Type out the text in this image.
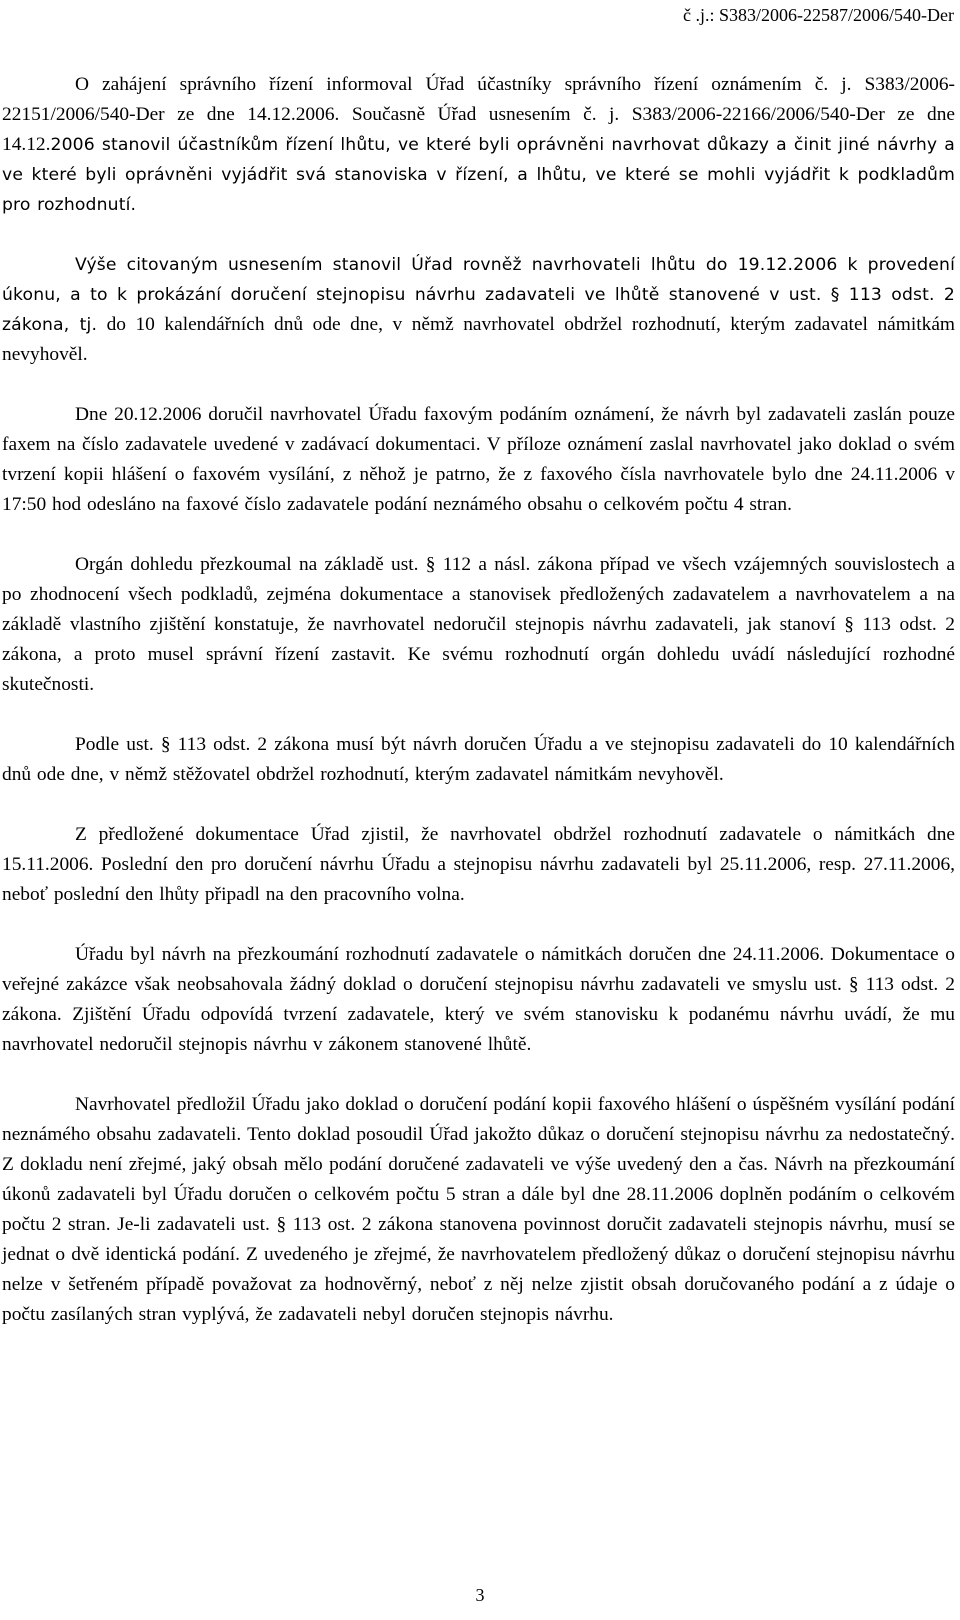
č .j.: S383/2006-22587/2006/540-Der

O zahájení správního řízení informoval Úřad účastníky správního řízení oznámením č. j. S383/2006-22151/2006/540-Der ze dne 14.12.2006. Současně Úřad usnesením č. j. S383/2006-22166/2006/540-Der ze dne 14.12.2006 stanovil účastníkům řízení lhůtu, ve které byli oprávněni navrhovat důkazy a činit jiné návrhy a ve které byli oprávněni vyjádřit svá stanoviska v řízení, a lhůtu, ve které se mohli vyjádřit k podkladům pro rozhodnutí.

Výše citovaným usnesením stanovil Úřad rovněž navrhovateli lhůtu do 19.12.2006 k provedení úkonu, a to k prokázání doručení stejnopisu návrhu zadavateli ve lhůtě stanovené v ust. § 113 odst. 2 zákona, tj. do 10 kalendářních dnů ode dne, v němž navrhovatel obdržel rozhodnutí, kterým zadavatel námitkám nevyhověl.

Dne 20.12.2006 doručil navrhovatel Úřadu faxovým podáním oznámení, že návrh byl zadavateli zaslán pouze faxem na číslo zadavatele uvedené v zadávací dokumentaci. V příloze oznámení zaslal navrhovatel jako doklad o svém tvrzení kopii hlášení o faxovém vysílání, z něhož je patrno, že z faxového čísla navrhovatele bylo dne 24.11.2006 v 17:50 hod odesláno na faxové číslo zadavatele podání neznámého obsahu o celkovém počtu 4 stran.

Orgán dohledu přezkoumal na základě ust. § 112 a násl. zákona případ ve všech vzájemných souvislostech a po zhodnocení všech podkladů, zejména dokumentace a stanovisek předložených zadavatelem a navrhovatelem a na základě vlastního zjištění konstatuje, že navrhovatel nedoručil stejnopis návrhu zadavateli, jak stanoví § 113 odst. 2 zákona, a proto musel správní řízení zastavit. Ke svému rozhodnutí orgán dohledu uvádí následující rozhodné skutečnosti.

Podle ust. § 113 odst. 2 zákona musí být návrh doručen Úřadu a ve stejnopisu zadavateli do 10 kalendářních dnů ode dne, v němž stěžovatel obdržel rozhodnutí, kterým zadavatel námitkám nevyhověl.

Z předložené dokumentace Úřad zjistil, že navrhovatel obdržel rozhodnutí zadavatele o námitkách dne 15.11.2006. Poslední den pro doručení návrhu Úřadu a stejnopisu návrhu zadavateli byl 25.11.2006, resp. 27.11.2006, neboť poslední den lhůty připadl na den pracovního volna.

Úřadu byl návrh na přezkoumání rozhodnutí zadavatele o námitkách doručen dne 24.11.2006. Dokumentace o veřejné zakázce však neobsahovala žádný doklad o doručení stejnopisu návrhu zadavateli ve smyslu ust. § 113 odst. 2 zákona. Zjištění Úřadu odpovídá tvrzení zadavatele, který ve svém stanovisku k podanému návrhu uvádí, že mu navrhovatel nedoručil stejnopis návrhu v zákonem stanovené lhůtě.

Navrhovatel předložil Úřadu jako doklad o doručení podání kopii faxového hlášení o úspěšném vysílání podání neznámého obsahu zadavateli. Tento doklad posoudil Úřad jakožto důkaz o doručení stejnopisu návrhu za nedostatečný. Z dokladu není zřejmé, jaký obsah mělo podání doručené zadavateli ve výše uvedený den a čas. Návrh na přezkoumání úkonů zadavateli byl Úřadu doručen o celkovém počtu 5 stran a dále byl dne 28.11.2006 doplněn podáním o celkovém počtu 2 stran. Je-li zadavateli ust. § 113 ost. 2 zákona stanovena povinnost doručit zadavateli stejnopis návrhu, musí se jednat o dvě identická podání. Z uvedeného je zřejmé, že navrhovatelem předložený důkaz o doručení stejnopisu návrhu nelze v šetřeném případě považovat za hodnověrný, neboť z něj nelze zjistit obsah doručovaného podání a z údaje o počtu zasílaných stran vyplývá, že zadavateli nebyl doručen stejnopis návrhu.

3
